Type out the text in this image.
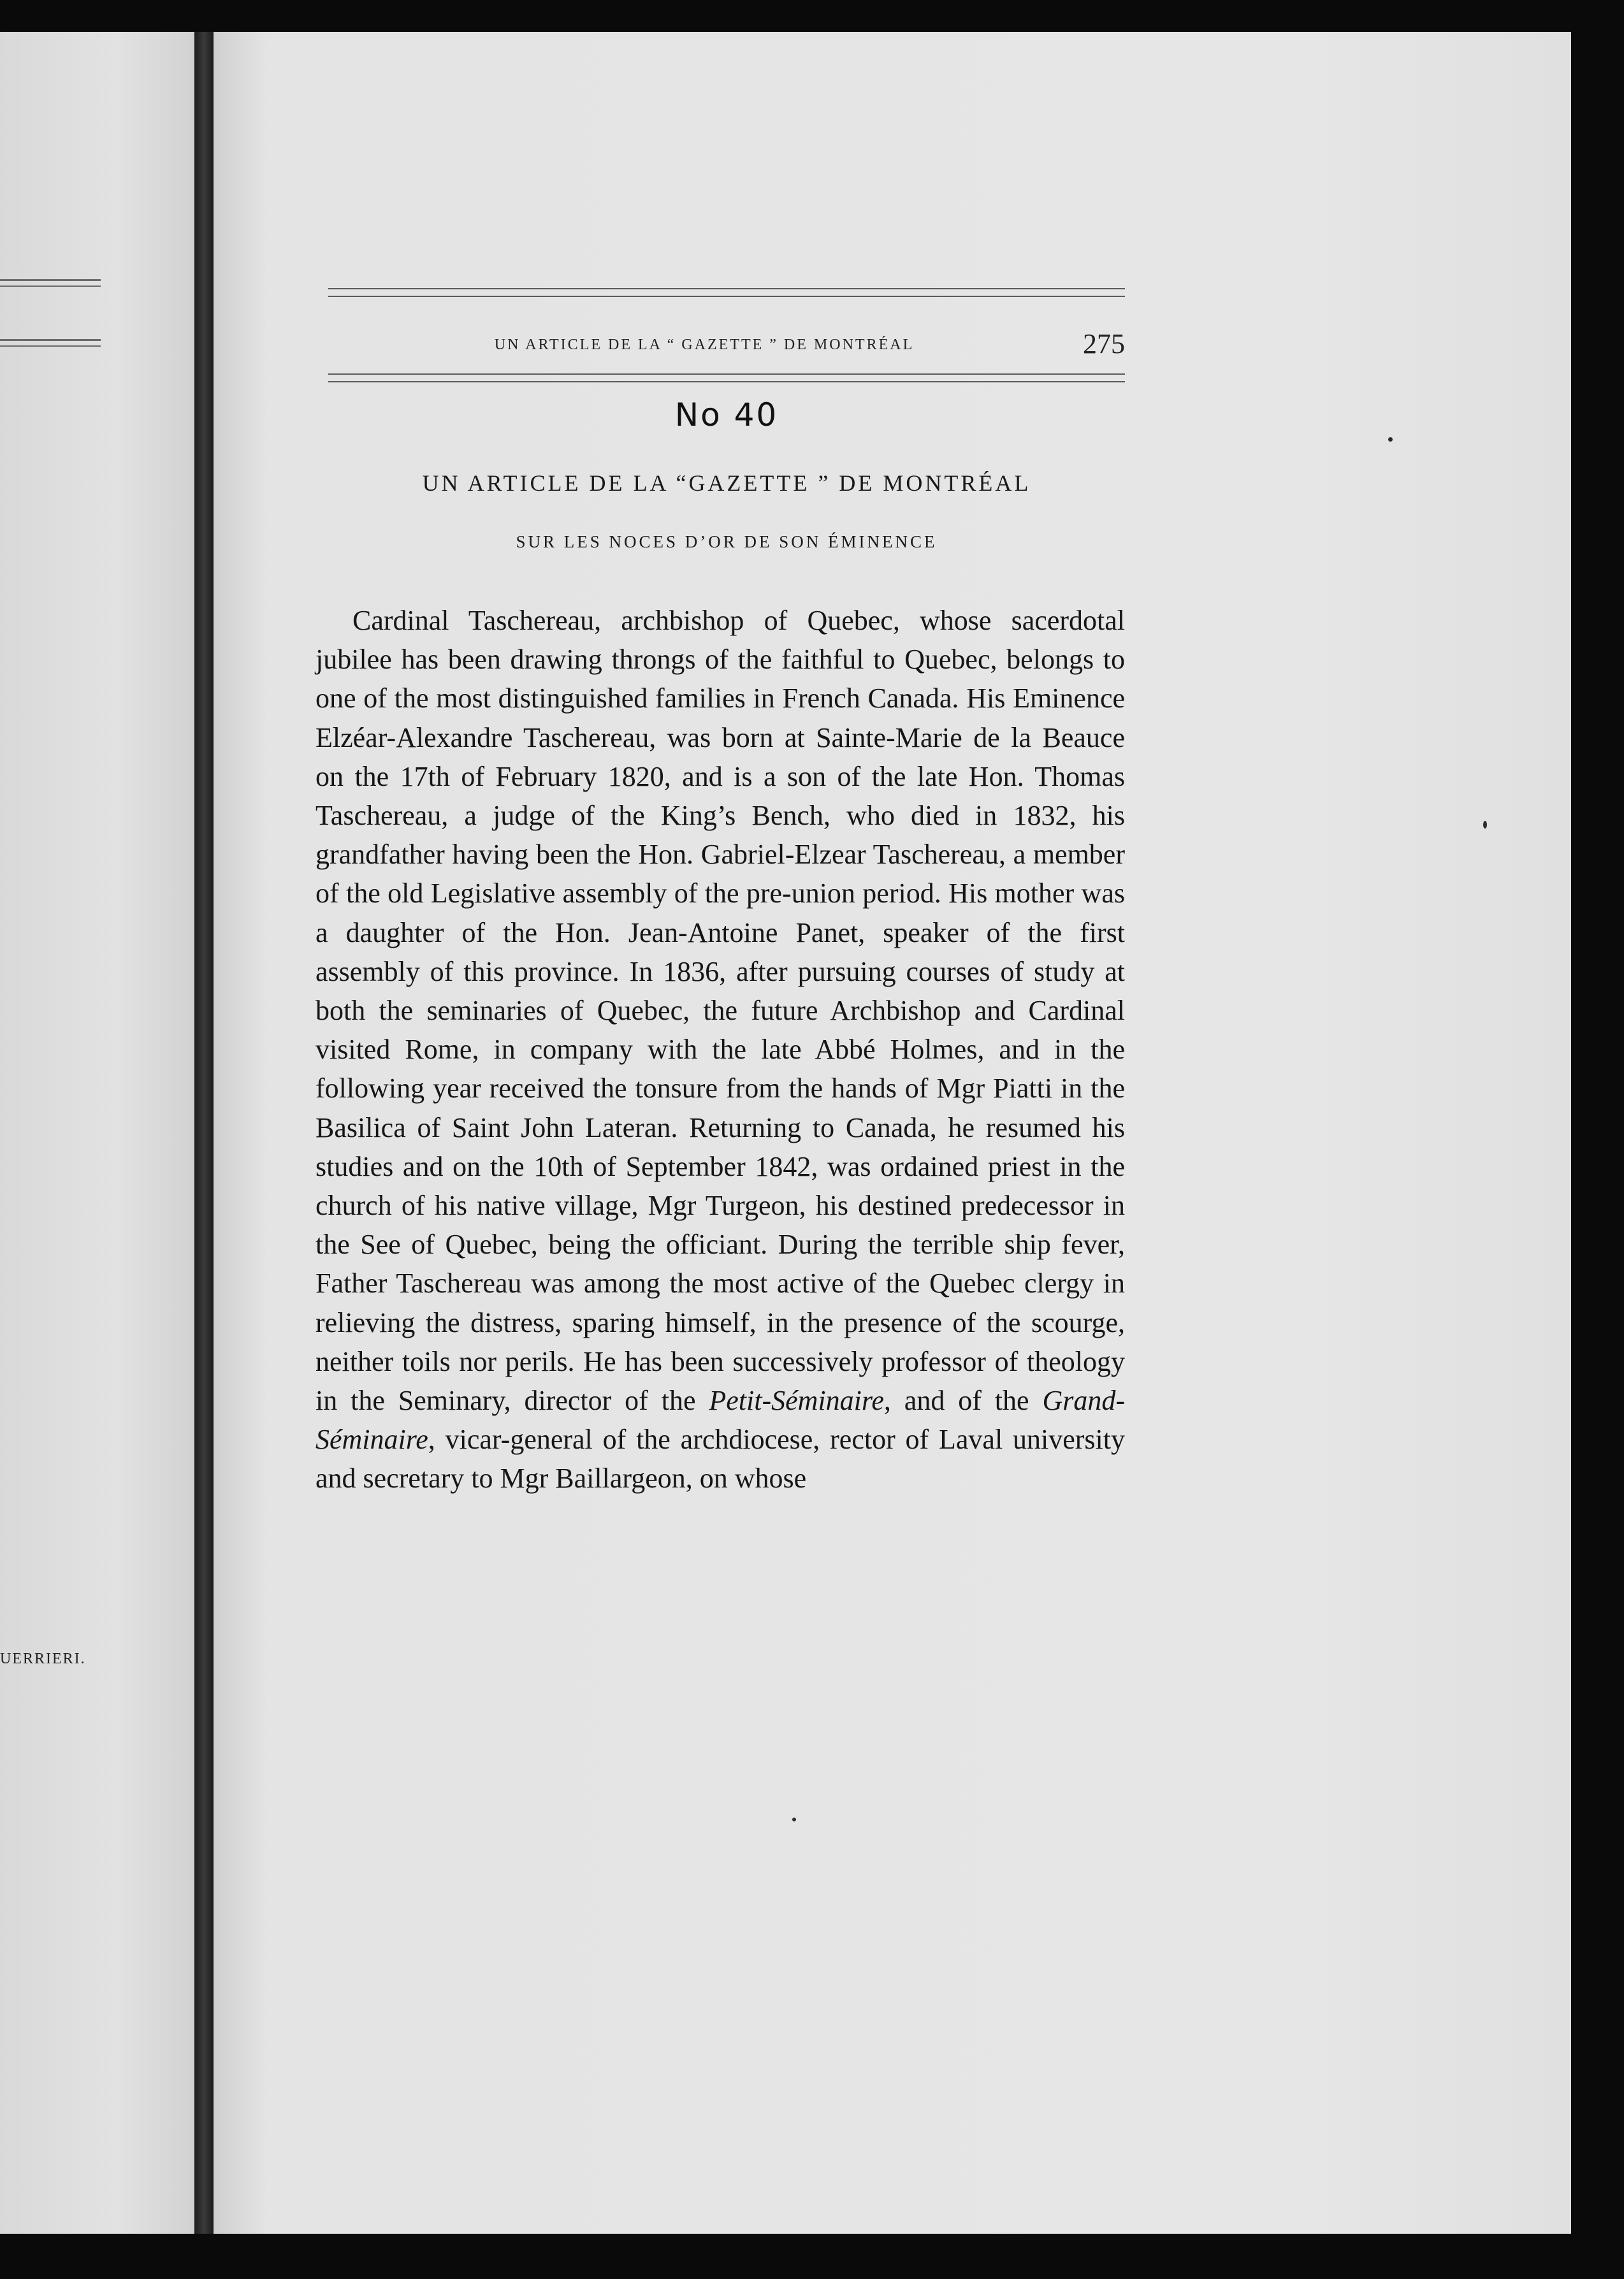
UERRIERI.
UN ARTICLE DE LA “ GAZETTE ” DE MONTRÉAL	275
No 40
UN ARTICLE DE LA “GAZETTE ” DE MONTRÉAL
SUR LES NOCES D’OR DE SON ÉMINENCE

Cardinal Taschereau, archbishop of Quebec, whose sacerdotal jubilee has been drawing throngs of the faithful to Quebec, belongs to one of the most distinguished families in French Canada. His Eminence Elzéar-Alexandre Taschereau, was born at Sainte-Marie de la Beauce on the 17th of February 1820, and is a son of the late Hon. Thomas Taschereau, a judge of the King’s Bench, who died in 1832, his grandfather having been the Hon. Gabriel-Elzear Taschereau, a member of the old Legislative assembly of the pre-union period. His mother was a daughter of the Hon. Jean-Antoine Panet, speaker of the first assembly of this province. In 1836, after pursuing courses of study at both the seminaries of Quebec, the future Archbishop and Cardinal visited Rome, in company with the late Abbé Holmes, and in the following year received the tonsure from the hands of Mgr Piatti in the Basilica of Saint John Lateran. Returning to Canada, he resumed his studies and on the 10th of September 1842, was ordained priest in the church of his native village, Mgr Turgeon, his destined predecessor in the See of Quebec, being the officiant. During the terrible ship fever, Father Taschereau was among the most active of the Quebec clergy in relieving the distress, sparing himself, in the presence of the scourge, neither toils nor perils. He has been successively professor of theology in the Seminary, director of the Petit-Séminaire, and of the Grand-Séminaire, vicar-general of the archdiocese, rector of Laval university and secretary to Mgr Baillargeon, on whose
